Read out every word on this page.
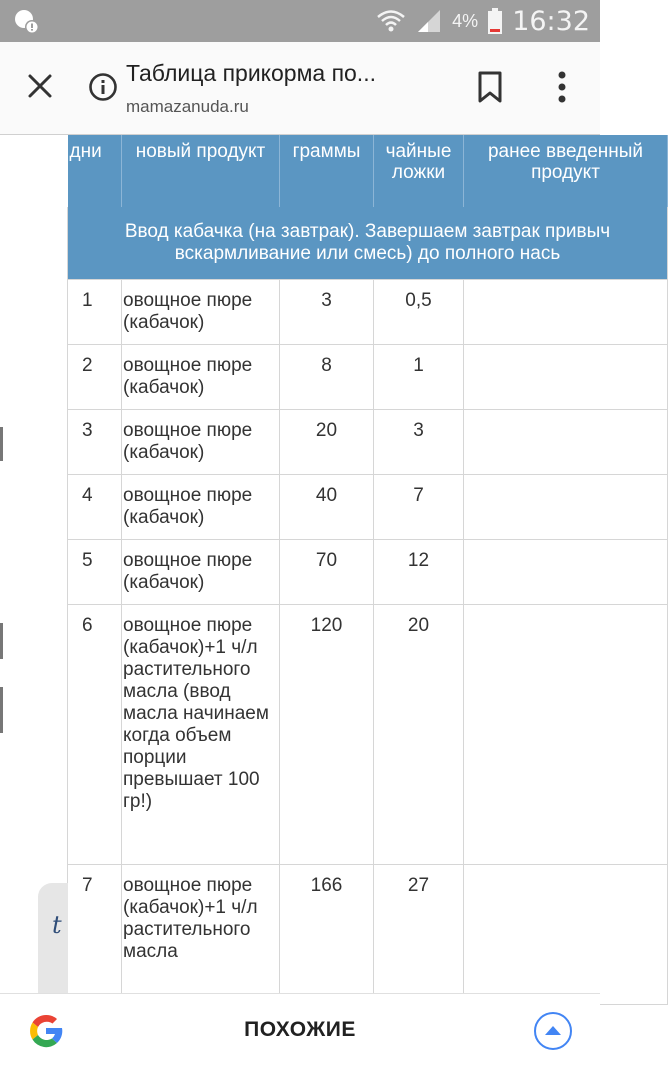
4% 16:32
Таблица прикорма по...
mamazanuda.ru
дни	новый продукт	граммы	чайные ложки	ранее введенный продукт

Ввод кабачка (на завтрак). Завершаем завтрак привыч
вскармливание или смесь) до полного нась				

1	овощное пюре (кабачок)	3	0,5	
2	овощное пюре (кабачок)	8	1	
3	овощное пюре (кабачок)	20	3	
4	овощное пюре (кабачок)	40	7	
5	овощное пюре (кабачок)	70	12	
6	овощное пюре (кабачок)+1 ч/л растительного масла (ввод масла начинаем когда объем порции превышает 100 гр!)	120	20	
7	овощное пюре (кабачок)+1 ч/л растительного масла	166	27	
t
ПОХОЖИЕ
